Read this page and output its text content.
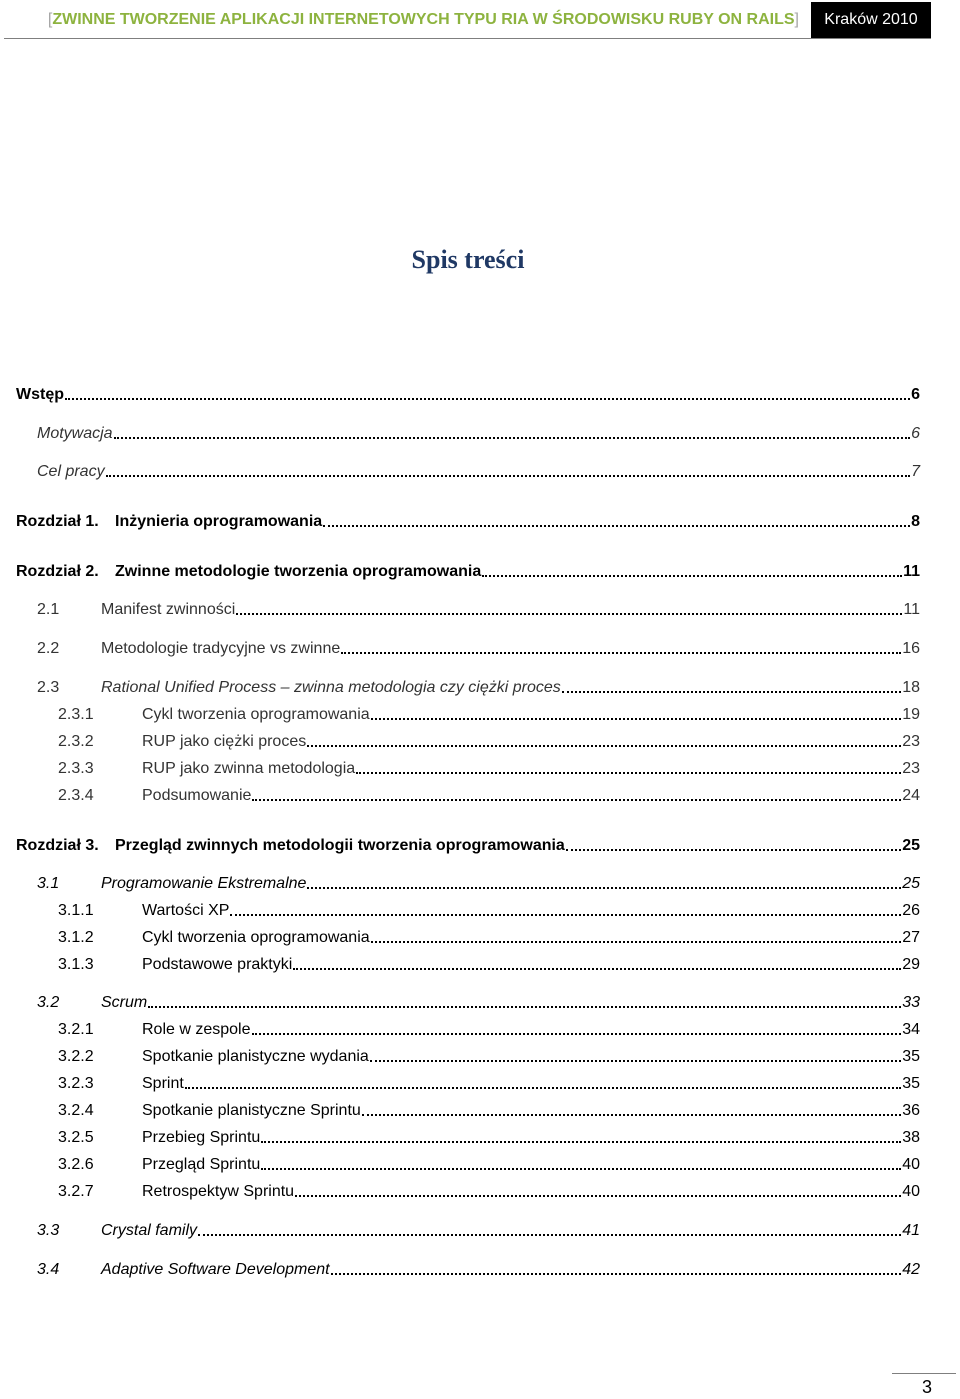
[ZWINNE TWORZENIE APLIKACJI INTERNETOWYCH TYPU RIA W ŚRODOWISKU RUBY ON RAILS]	Kraków 2010
Spis treści
Wstęp	6
Motywacja	6
Cel pracy	7
Rozdział 1.	Inżynieria oprogramowania	8
Rozdział 2.	Zwinne metodologie tworzenia oprogramowania	11
2.1	Manifest zwinności	11
2.2	Metodologie tradycyjne vs zwinne	16
2.3	Rational Unified Process – zwinna metodologia czy ciężki proces	18
2.3.1	Cykl tworzenia oprogramowania	19
2.3.2	RUP jako ciężki proces	23
2.3.3	RUP jako zwinna metodologia	23
2.3.4	Podsumowanie	24
Rozdział 3.	Przegląd zwinnych metodologii tworzenia oprogramowania	25
3.1	Programowanie Ekstremalne	25
3.1.1	Wartości XP	26
3.1.2	Cykl tworzenia oprogramowania	27
3.1.3	Podstawowe praktyki	29
3.2	Scrum	33
3.2.1	Role w zespole	34
3.2.2	Spotkanie planistyczne wydania	35
3.2.3	Sprint	35
3.2.4	Spotkanie planistyczne Sprintu	36
3.2.5	Przebieg Sprintu	38
3.2.6	Przegląd Sprintu	40
3.2.7	Retrospektyw Sprintu	40
3.3	Crystal family	41
3.4	Adaptive Software Development	42
3
